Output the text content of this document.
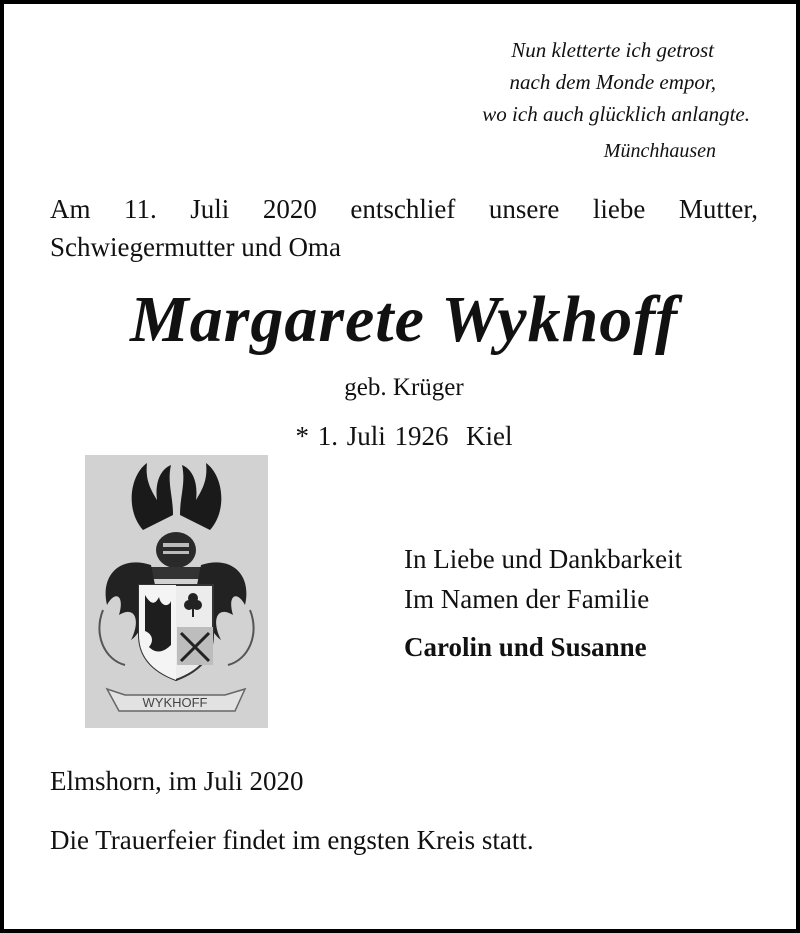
Nun kletterte ich getrost
nach dem Monde empor,
wo ich auch glücklich anlangte.
Münchhausen
Am 11. Juli 2020 entschlief unsere liebe Mutter, Schwiegermutter und Oma
Margarete Wykhoff
geb. Krüger
* 1. Juli 1926  Kiel
WYKHOFF
In Liebe und Dankbarkeit
Im Namen der Familie
Carolin und Susanne
Elmshorn, im Juli 2020
Die Trauerfeier findet im engsten Kreis statt.
